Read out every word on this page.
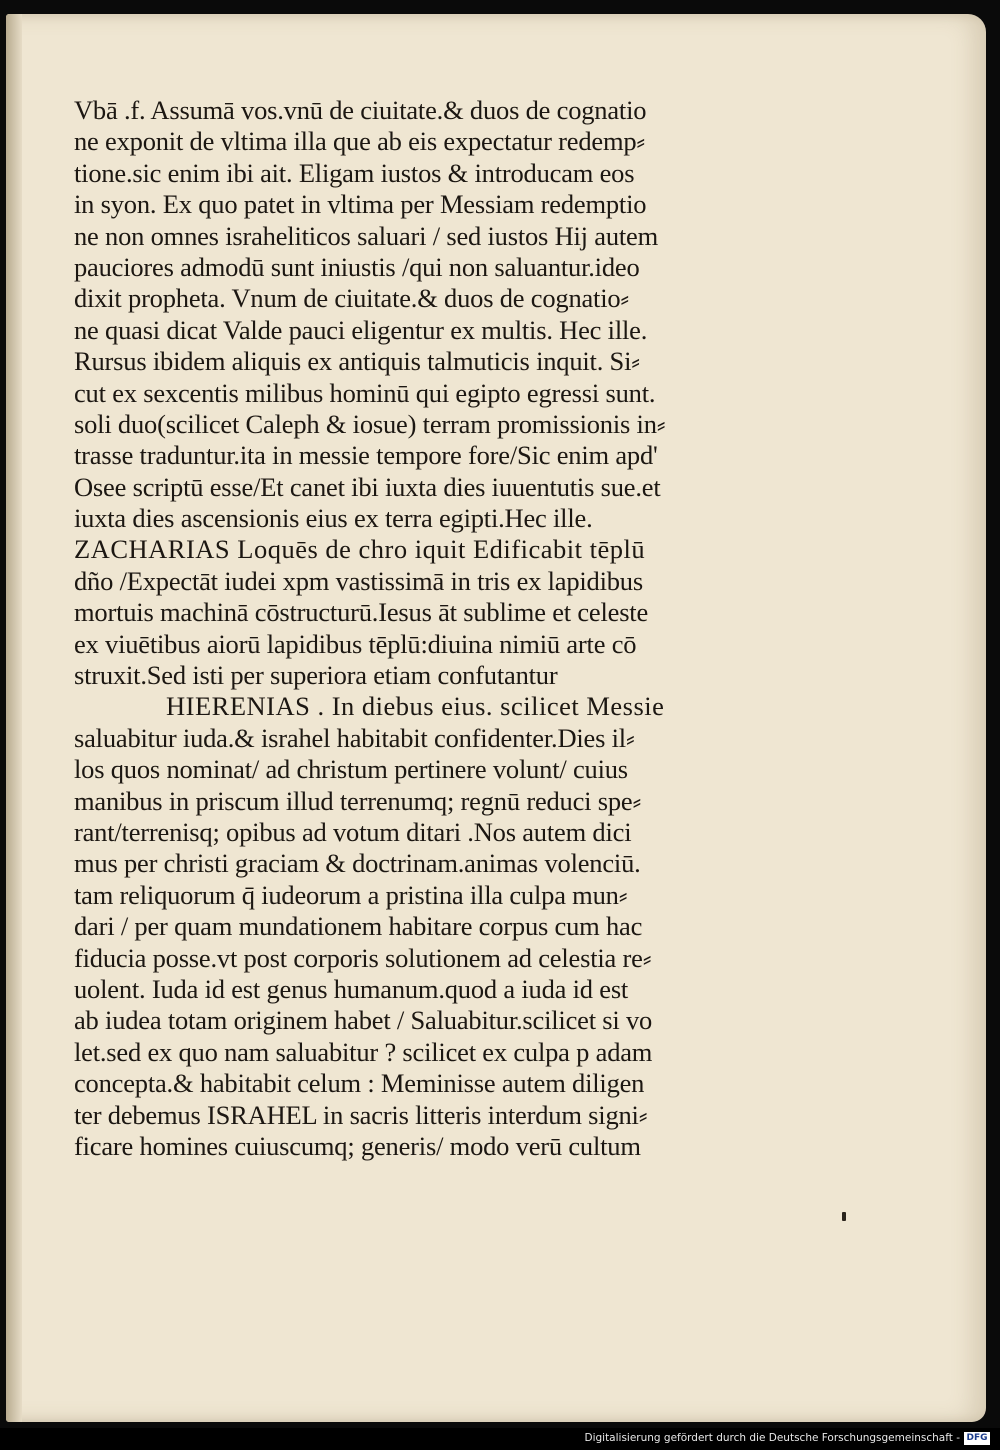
Vbā .f. Assumā vos.vnū de ciuitate.& duos de cognatio
ne exponit de vltima illa que ab eis expectatur redemp⸗
tione.sic enim ibi ait. Eligam iustos & introducam eos
in syon. Ex quo patet in vltima per Messiam redemptio
ne non omnes israheliticos saluari / sed iustos Hij autem
pauciores admodū sunt iniustis /qui non saluantur.ideo
dixit propheta. Vnum de ciuitate.& duos de cognatio⸗
ne quasi dicat Valde pauci eligentur ex multis. Hec ille.
Rursus ibidem aliquis ex antiquis talmuticis inquit. Si⸗
cut ex sexcentis milibus hominū qui egipto egressi sunt.
soli duo(scilicet Caleph & iosue) terram promissionis in⸗
trasse traduntur.ita in messie tempore fore/Sic enim apd'
Osee scriptū esse/Et canet ibi iuxta dies iuuentutis sue.et
iuxta dies ascensionis eius ex terra egipti.Hec ille.
ZACHARIAS Loquēs de chro iquit Edificabit tēplū
dño /Expectāt iudei xpm vastissimā in tris ex lapidibus
mortuis machinā cōstructurū.Iesus āt sublime et celeste
ex viuētibus aiorū lapidibus tēplū:diuina nimiū arte cō
struxit.Sed isti per superiora etiam confutantur
HIERENIAS . In diebus eius. scilicet Messie
saluabitur iuda.& israhel habitabit confidenter.Dies il⸗
los quos nominat/ ad christum pertinere volunt/ cuius
manibus in priscum illud terrenumq; regnū reduci spe⸗
rant/terrenisq; opibus ad votum ditari .Nos autem dici
mus per christi graciam & doctrinam.animas volenciū.
tam reliquorum q̄ iudeorum a pristina illa culpa mun⸗
dari / per quam mundationem habitare corpus cum hac
fiducia posse.vt post corporis solutionem ad celestia re⸗
uolent. Iuda id est genus humanum.quod a iuda id est
ab iudea totam originem habet / Saluabitur.scilicet si vo
let.sed ex quo nam saluabitur ? scilicet ex culpa p adam
concepta.& habitabit celum : Meminisse autem diligen
ter debemus ISRAHEL in sacris litteris interdum signi⸗
ficare homines cuiuscumq; generis/ modo verū cultum
Digitalisierung gefördert durch die Deutsche Forschungsgemeinschaft - DFG
